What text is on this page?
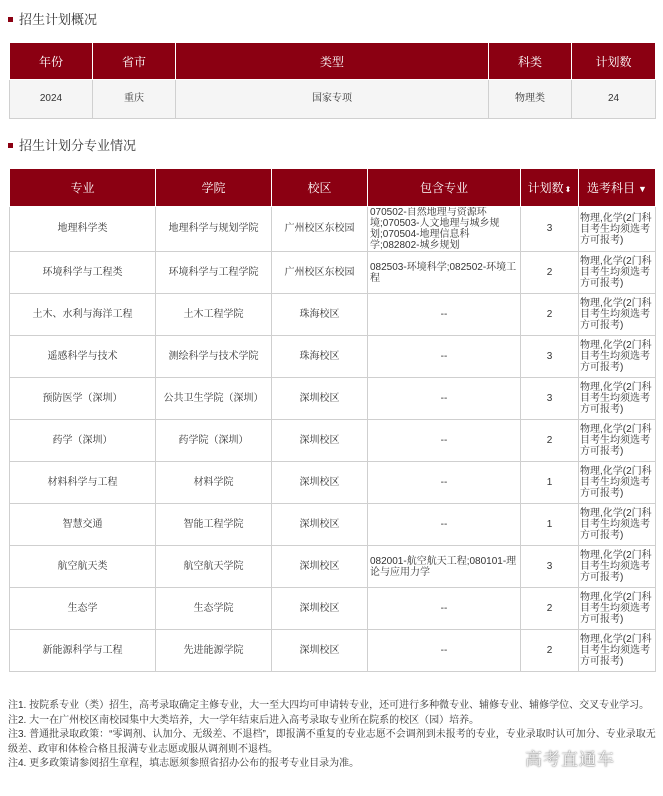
招生计划概况
年份	省市	类型	科类	计划数
2024	重庆	国家专项	物理类	24
招生计划分专业情况
专业	学院	校区	包含专业	计划数⬍	选考科目 ▼
地理科学类	地理科学与规划学院	广州校区东校园	070502-自然地理与资源环境;070503-人文地理与城乡规划;070504-地理信息科学;082802-城乡规划	3	物理,化学(2门科目考生均须选考方可报考)
环境科学与工程类	环境科学与工程学院	广州校区东校园	082503-环境科学;082502-环境工程	2	物理,化学(2门科目考生均须选考方可报考)
土木、水利与海洋工程	土木工程学院	珠海校区	--	2	物理,化学(2门科目考生均须选考方可报考)
遥感科学与技术	测绘科学与技术学院	珠海校区	--	3	物理,化学(2门科目考生均须选考方可报考)
预防医学（深圳）	公共卫生学院（深圳）	深圳校区	--	3	物理,化学(2门科目考生均须选考方可报考)
药学（深圳）	药学院（深圳）	深圳校区	--	2	物理,化学(2门科目考生均须选考方可报考)
材料科学与工程	材料学院	深圳校区	--	1	物理,化学(2门科目考生均须选考方可报考)
智慧交通	智能工程学院	深圳校区	--	1	物理,化学(2门科目考生均须选考方可报考)
航空航天类	航空航天学院	深圳校区	082001-航空航天工程;080101-理论与应用力学	3	物理,化学(2门科目考生均须选考方可报考)
生态学	生态学院	深圳校区	--	2	物理,化学(2门科目考生均须选考方可报考)
新能源科学与工程	先进能源学院	深圳校区	--	2	物理,化学(2门科目考生均须选考方可报考)

注1. 按院系专业（类）招生，高考录取确定主修专业，大一至大四均可申请转专业，还可进行多种微专业、辅修专业、辅修学位、交叉专业学习。

注2. 大一在广州校区南校园集中大类培养，大一学年结束后进入高考录取专业所在院系的校区（园）培养。

注3. 普通批录取政策：“零调剂、认加分、无级差、不退档”，即报满不重复的专业志愿不会调剂到未报考的专业，专业录取时认可加分、专业录取无级差、政审和体检合格且报满专业志愿或服从调剂则不退档。

注4. 更多政策请参阅招生章程，填志愿须参照省招办公布的报考专业目录为准。	高考直通车
